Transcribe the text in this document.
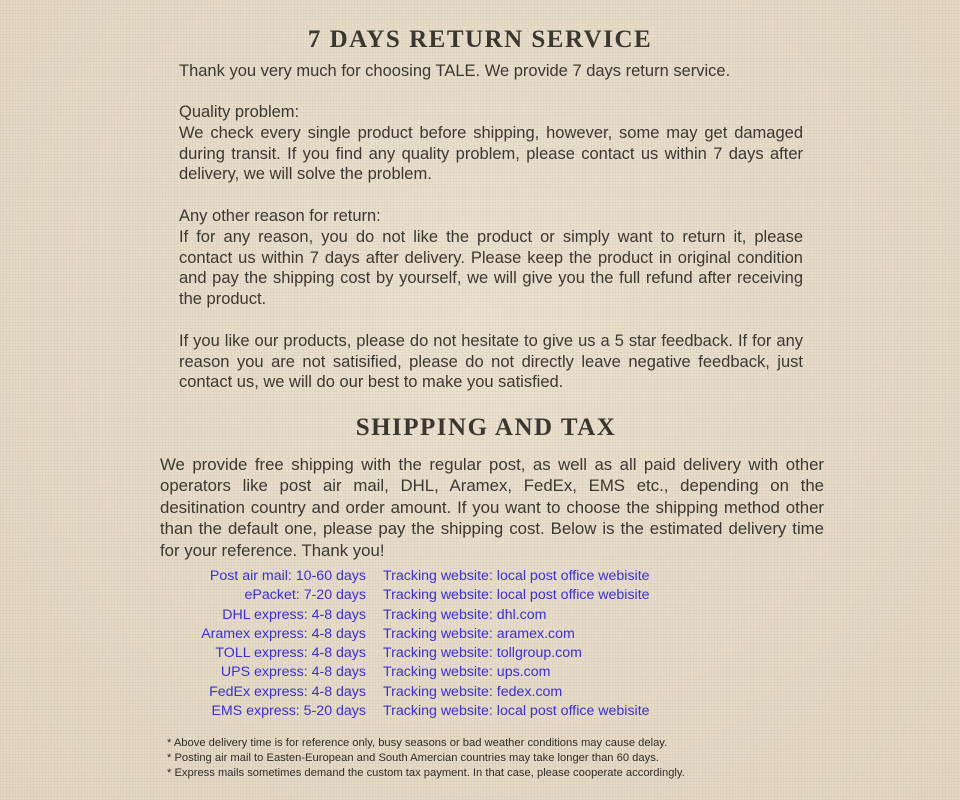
7 DAYS RETURN SERVICE
Thank you very much for choosing TALE. We provide 7 days return service.
Quality problem:
We check every single product before shipping, however, some may get damaged during transit. If you find any quality problem, please contact us within 7 days after delivery, we will solve the problem.
Any other reason for return:
If for any reason, you do not like the product or simply want to return it, please contact us within 7 days after delivery. Please keep the product in original condition and pay the shipping cost by yourself, we will give you the full refund after receiving the product.
If you like our products, please do not hesitate to give us a 5 star feedback. If for any reason you are not satisified, please do not directly leave negative feedback, just contact us, we will do our best to make you satisfied.
SHIPPING AND TAX
We provide free shipping with the regular post, as well as all paid delivery with other operators like post air mail, DHL, Aramex, FedEx, EMS etc., depending on the desitination country and order amount. If you want to choose the shipping method other than the default one, please pay the shipping cost. Below is the estimated delivery time for your reference. Thank you!
Post air mail: 10-60 days Tracking website: local post office webisite
ePacket: 7-20 days Tracking website: local post office webisite
DHL express: 4-8 days Tracking website: dhl.com
Aramex express: 4-8 days Tracking website: aramex.com
TOLL express: 4-8 days Tracking website: tollgroup.com
UPS express: 4-8 days Tracking website: ups.com
FedEx express: 4-8 days Tracking website: fedex.com
EMS express: 5-20 days Tracking website: local post office webisite
* Above delivery time is for reference only, busy seasons or bad weather conditions may cause delay.
* Posting air mail to Easten-European and South Amercian countries may take longer than 60 days.
* Express mails sometimes demand the custom tax payment. In that case, please cooperate accordingly.
